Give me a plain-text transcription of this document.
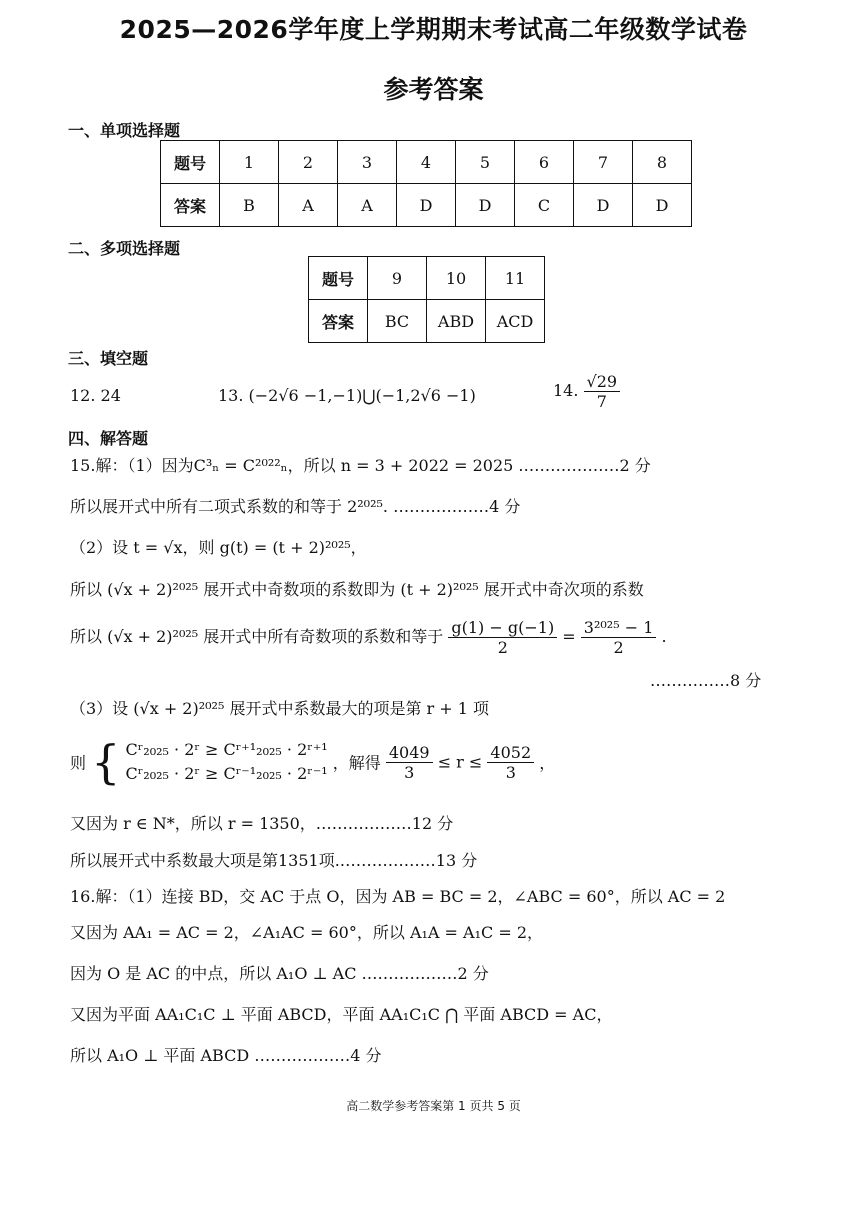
2025—2026学年度上学期期末考试高二年级数学试卷
参考答案
一、单项选择题
题号	1	2	3	4	5	6	7	8
答案	B	A	A	D	D	C	D	D
二、多项选择题
题号	9	10	11
答案	BC	ABD	ACD
三、填空题
12. 24	13. (−2√6 −1,−1)⋃(−1,2√6 −1)	14. $\frac{√29}{7}$
四、解答题
15.解：（1）因为C³ₙ = C²⁰²²ₙ，所以 n = 3 + 2022 = 2025 .………………2 分
所以展开式中所有二项式系数的和等于 2²⁰²⁵. ………………4 分
（2）设 t = √x，则 g(t) = (t + 2)²⁰²⁵，
所以 (√x + 2)²⁰²⁵ 展开式中奇数项的系数即为 (t + 2)²⁰²⁵ 展开式中奇次项的系数
所以 (√x + 2)²⁰²⁵ 展开式中所有奇数项的系数和等于 $\frac{g(1) - g(-1)}{2} = \frac{\text{3²⁰²⁵ − 1}}{2}$ .
……………8 分
（3）设 (√x + 2)²⁰²⁵ 展开式中系数最大的项是第 r + 1 项
则 { Cʳ₂₀₂₅ · 2ʳ ≥ Cʳ⁺¹₂₀₂₅ · 2ʳ⁺¹
Cʳ₂₀₂₅ · 2ʳ ≥ Cʳ⁻¹₂₀₂₅ · 2ʳ⁻¹
，解得 $\frac{4049}{3} \le r \le \frac{4052}{3}$ ，
又因为 r ∈ N*，所以 r = 1350，………………12 分
所以展开式中系数最大项是第1351项.………………13 分
16.解：（1）连接 BD，交 AC 于点 O，因为 AB = BC = 2，∠ABC = 60°，所以 AC = 2
又因为 AA₁ = AC = 2，∠A₁AC = 60°，所以 A₁A = A₁C = 2，
因为 O 是 AC 的中点，所以 A₁O ⊥ AC ………………2 分
又因为平面 AA₁C₁C ⊥ 平面 ABCD，平面 AA₁C₁C ⋂ 平面 ABCD = AC，
所以 A₁O ⊥ 平面 ABCD ………………4 分
高二数学参考答案第 1 页共 5 页
